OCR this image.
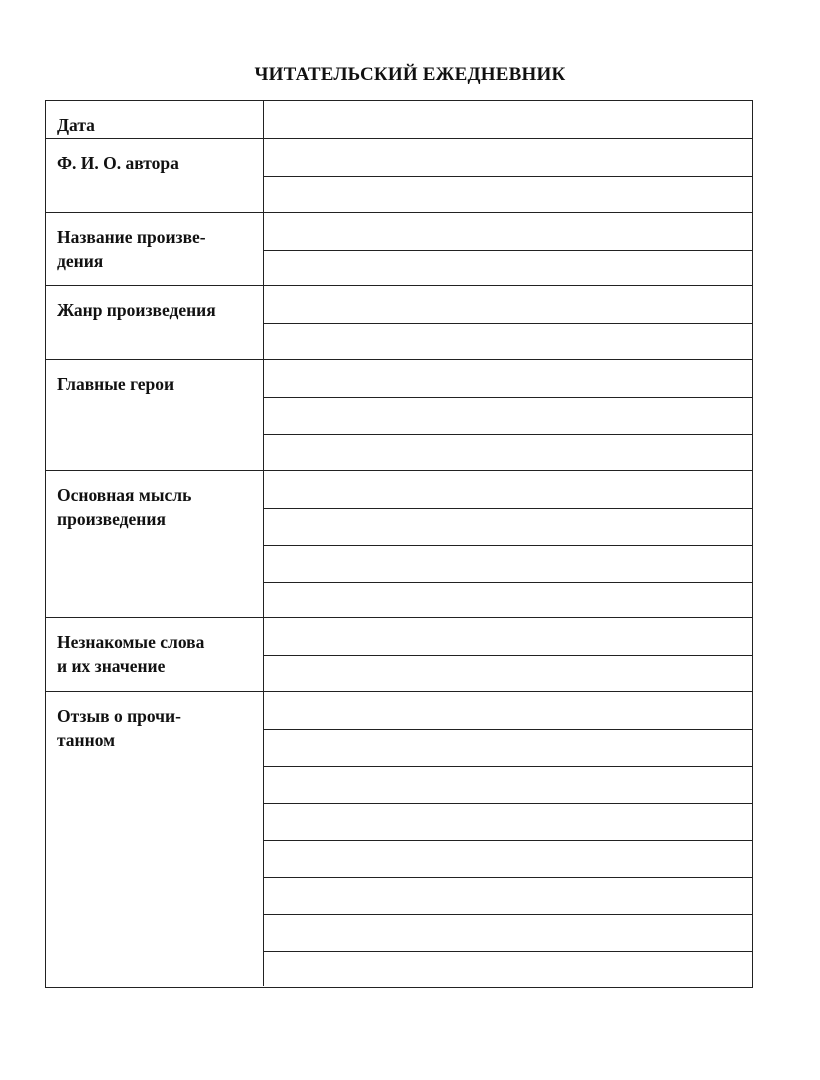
ЧИТАТЕЛЬСКИЙ ЕЖЕДНЕВНИК
Дата
Ф. И. О. автора
Название произве-
дения
Жанр произведения
Главные герои
Основная мысль
произведения
Незнакомые слова
и их значение
Отзыв о прочи-
танном
